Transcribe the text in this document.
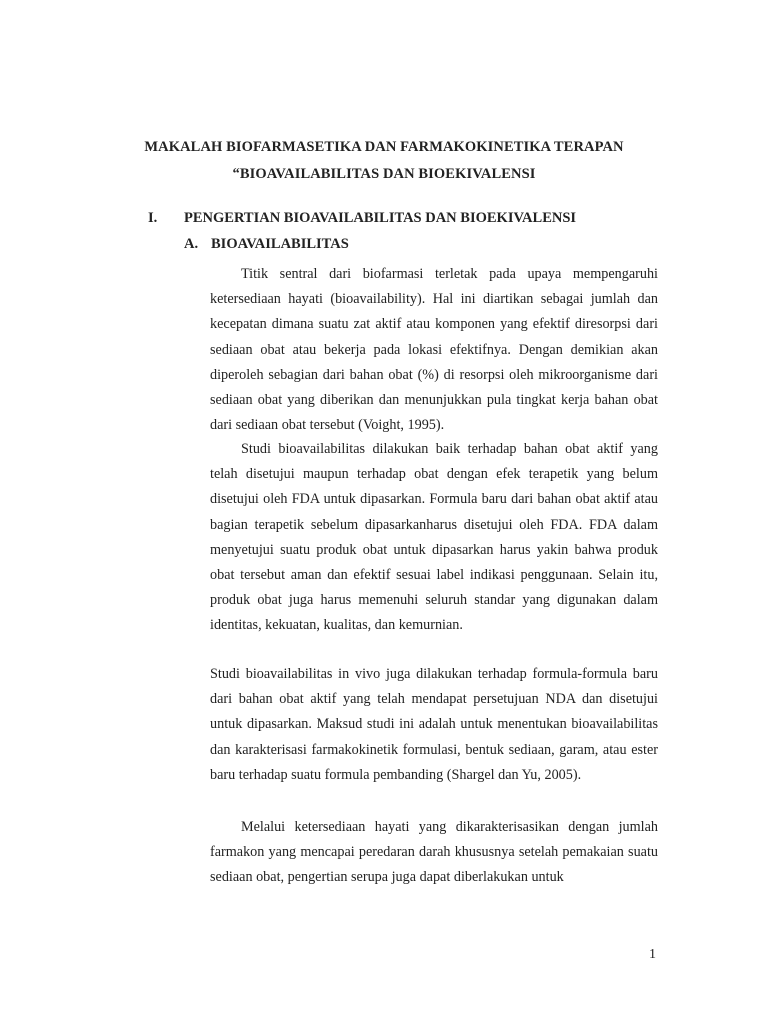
MAKALAH BIOFARMASETIKA DAN FARMAKOKINETIKA TERAPAN
“BIOAVAILABILITAS DAN BIOEKIVALENSI
I. PENGERTIAN BIOAVAILABILITAS DAN BIOEKIVALENSI
A. BIOAVAILABILITAS

Titik sentral dari biofarmasi terletak pada upaya mempengaruhi ketersediaan hayati (bioavailability). Hal ini diartikan sebagai jumlah dan kecepatan dimana suatu zat aktif atau komponen yang efektif diresorpsi dari sediaan obat atau bekerja pada lokasi efektifnya. Dengan demikian akan diperoleh sebagian dari bahan obat (%) di resorpsi oleh mikroorganisme dari sediaan obat yang diberikan dan menunjukkan pula tingkat kerja bahan obat dari sediaan obat tersebut (Voight, 1995).

Studi bioavailabilitas dilakukan baik terhadap bahan obat aktif yang telah disetujui maupun terhadap obat dengan efek terapetik yang belum disetujui oleh FDA untuk dipasarkan. Formula baru dari bahan obat aktif atau bagian terapetik sebelum dipasarkanharus disetujui oleh FDA. FDA dalam menyetujui suatu produk obat untuk dipasarkan harus yakin bahwa produk obat tersebut aman dan efektif sesuai label indikasi penggunaan. Selain itu, produk obat juga harus memenuhi seluruh standar yang digunakan dalam identitas, kekuatan, kualitas, dan kemurnian.

Studi bioavailabilitas in vivo juga dilakukan terhadap formula-formula baru dari bahan obat aktif yang telah mendapat persetujuan NDA dan disetujui untuk dipasarkan. Maksud studi ini adalah untuk menentukan bioavailabilitas dan karakterisasi farmakokinetik formulasi, bentuk sediaan, garam, atau ester baru terhadap suatu formula pembanding (Shargel dan Yu, 2005).

Melalui ketersediaan hayati yang dikarakterisasikan dengan jumlah farmakon yang mencapai peredaran darah khususnya setelah pemakaian suatu sediaan obat, pengertian serupa juga dapat diberlakukan untuk

1
